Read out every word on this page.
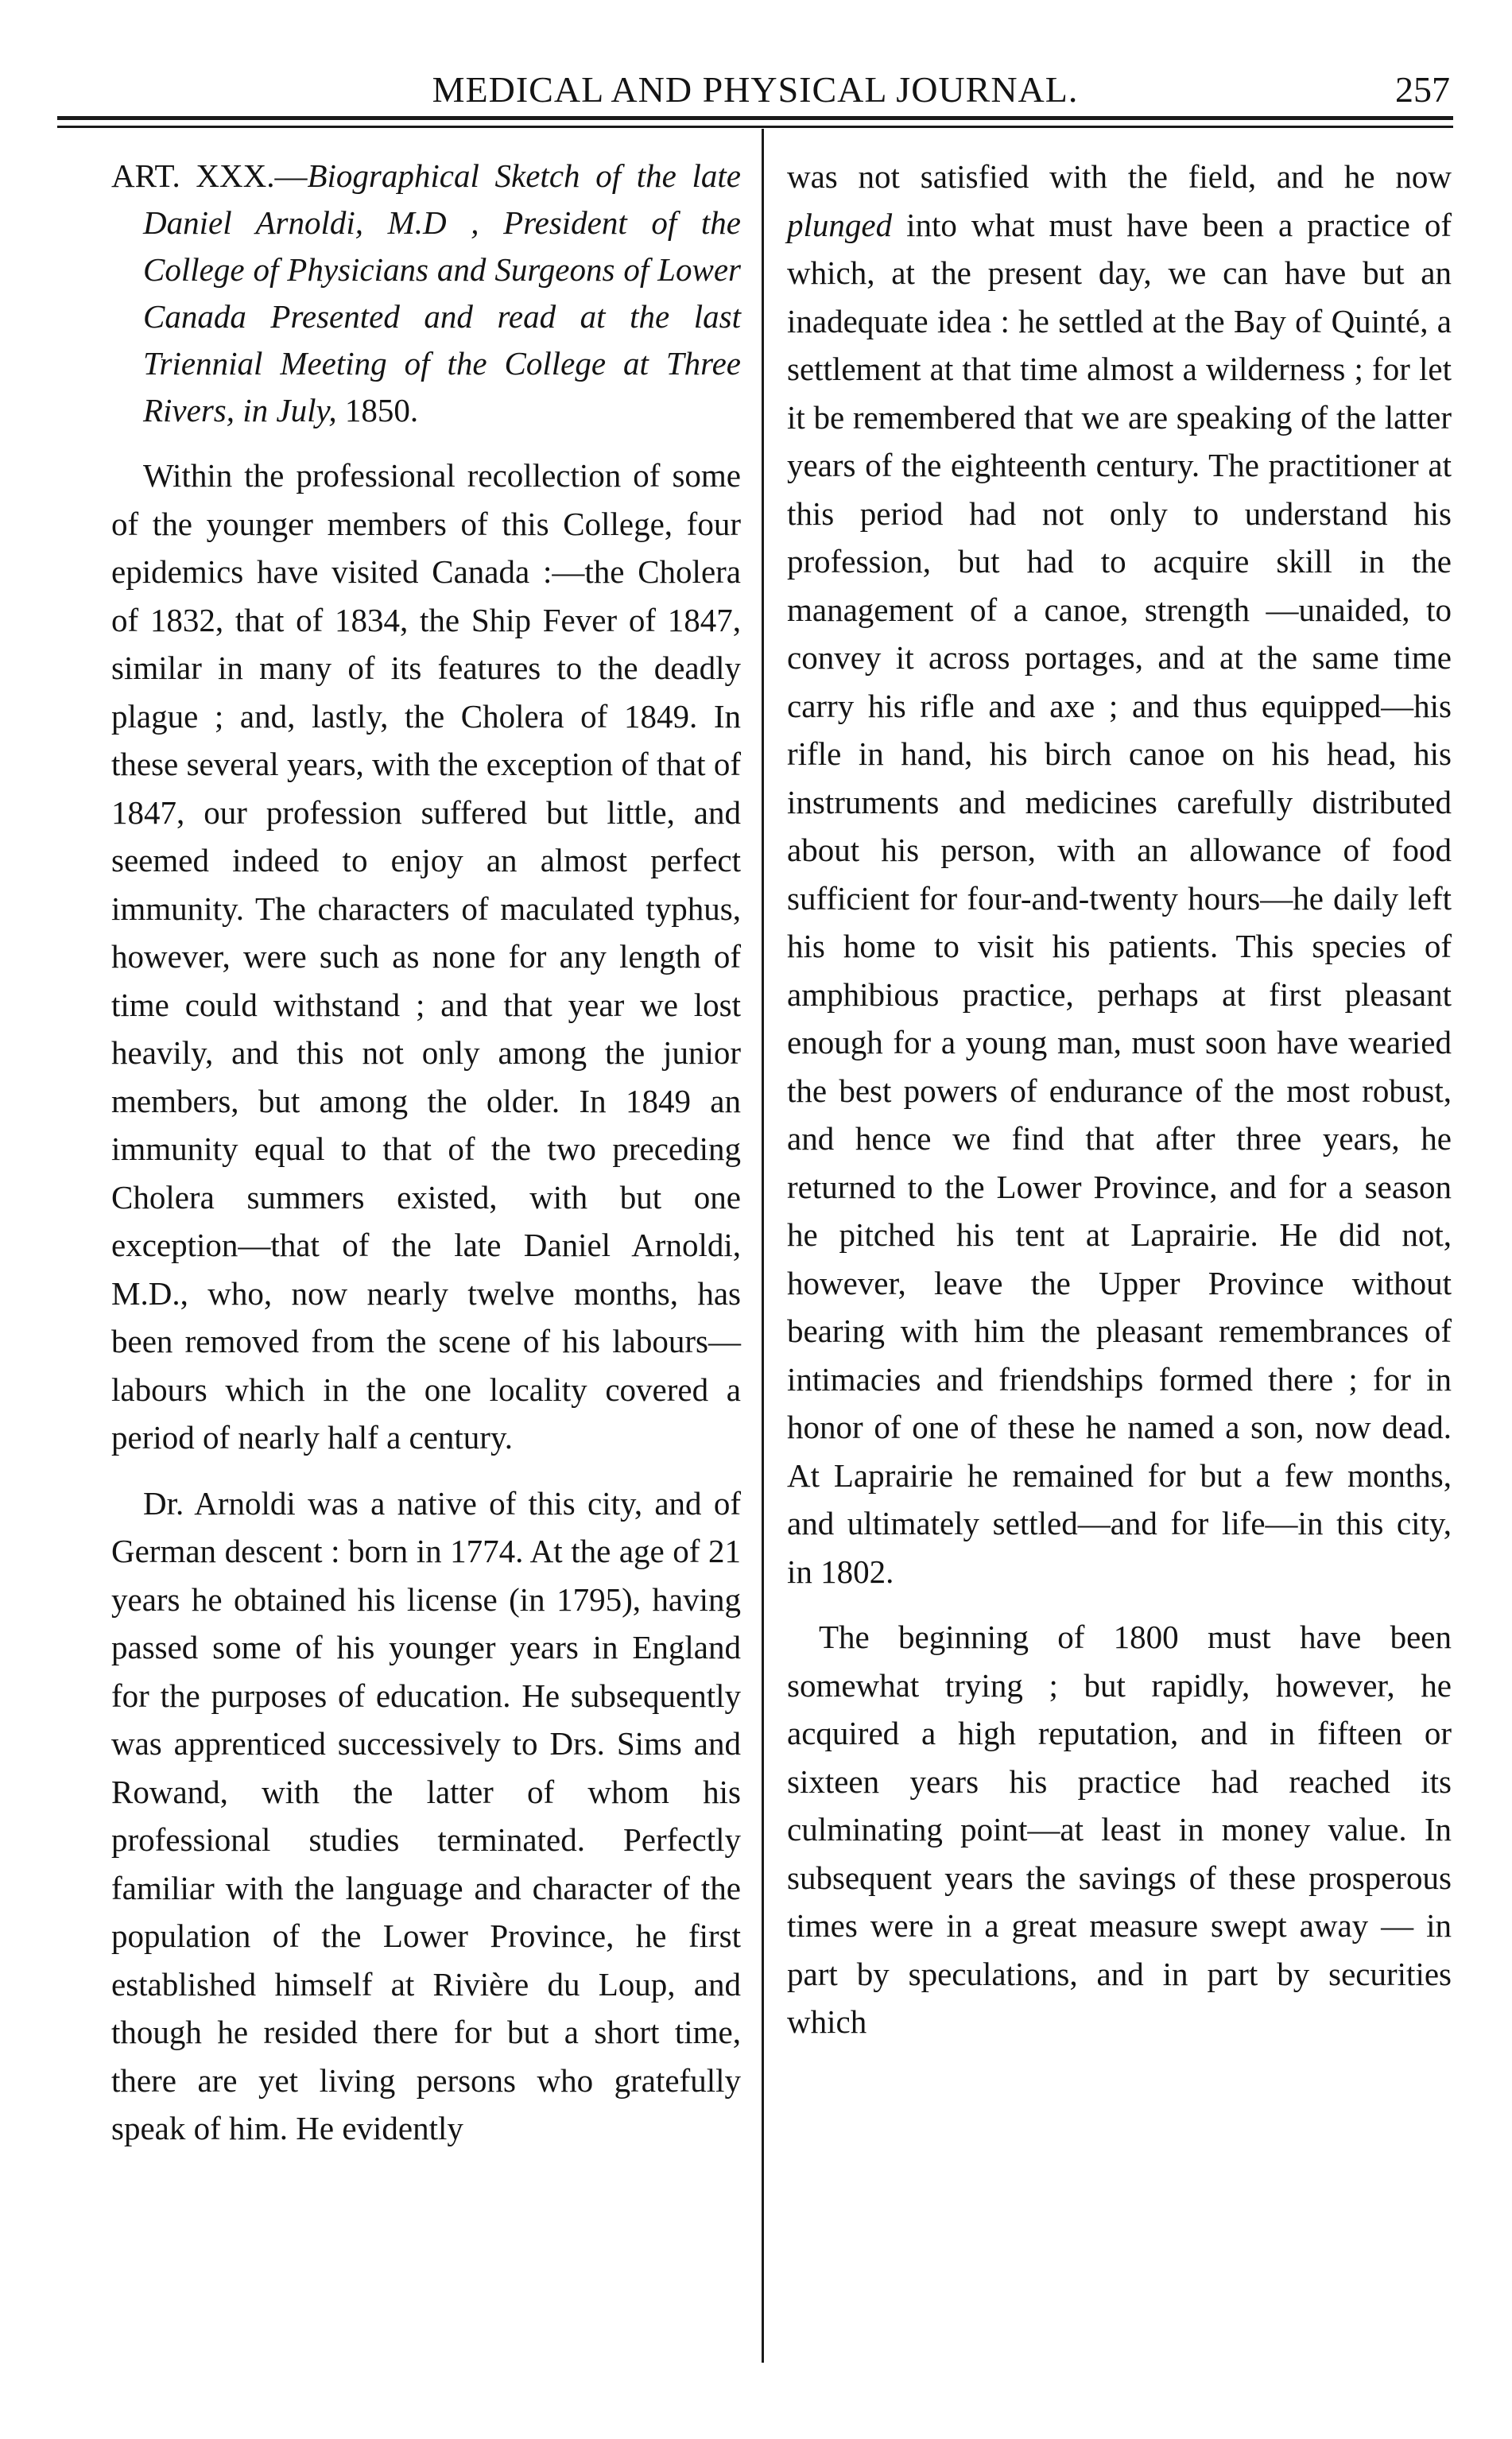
MEDICAL AND PHYSICAL JOURNAL.	257

ART. XXX.—Biographical Sketch of the late Daniel Arnoldi, M.D , President of the College of Physicians and Surgeons of Lower Canada Presented and read at the last Triennial Meeting of the College at Three Rivers, in July, 1850.

Within the professional recollection of some of the younger members of this College, four epidemics have visited Canada :—the Cholera of 1832, that of 1834, the Ship Fever of 1847, similar in many of its features to the deadly plague ; and, lastly, the Cholera of 1849. In these several years, with the exception of that of 1847, our profession suffered but little, and seemed indeed to enjoy an almost perfect immunity. The characters of maculated typhus, however, were such as none for any length of time could withstand ; and that year we lost heavily, and this not only among the junior members, but among the older. In 1849 an immunity equal to that of the two preceding Cholera summers existed, with but one exception—that of the late Daniel Arnoldi, M.D., who, now nearly twelve months, has been removed from the scene of his labours—labours which in the one locality covered a period of nearly half a century.

Dr. Arnoldi was a native of this city, and of German descent : born in 1774. At the age of 21 years he obtained his license (in 1795), having passed some of his younger years in England for the purposes of education. He subsequently was apprenticed successively to Drs. Sims and Rowand, with the latter of whom his professional studies terminated. Perfectly familiar with the language and character of the population of the Lower Province, he first established himself at Rivière du Loup, and though he resided there for but a short time, there are yet living persons who gratefully speak of him. He evidently

was not satisfied with the field, and he now plunged into what must have been a practice of which, at the present day, we can have but an inadequate idea : he settled at the Bay of Quinté, a settlement at that time almost a wilderness ; for let it be remembered that we are speaking of the latter years of the eighteenth century. The practitioner at this period had not only to understand his profession, but had to acquire skill in the management of a canoe, strength —unaided, to convey it across portages, and at the same time carry his rifle and axe ; and thus equipped—his rifle in hand, his birch canoe on his head, his instruments and medicines carefully distributed about his person, with an allowance of food sufficient for four-and-twenty hours—he daily left his home to visit his patients. This species of amphibious practice, perhaps at first pleasant enough for a young man, must soon have wearied the best powers of endurance of the most robust, and hence we find that after three years, he returned to the Lower Province, and for a season he pitched his tent at Laprairie. He did not, however, leave the Upper Province without bearing with him the pleasant remembrances of intimacies and friendships formed there ; for in honor of one of these he named a son, now dead. At Laprairie he remained for but a few months, and ultimately settled—and for life—in this city, in 1802.

The beginning of 1800 must have been somewhat trying ; but rapidly, however, he acquired a high reputation, and in fifteen or sixteen years his practice had reached its culminating point—at least in money value. In subsequent years the savings of these prosperous times were in a great measure swept away — in part by speculations, and in part by securities which
